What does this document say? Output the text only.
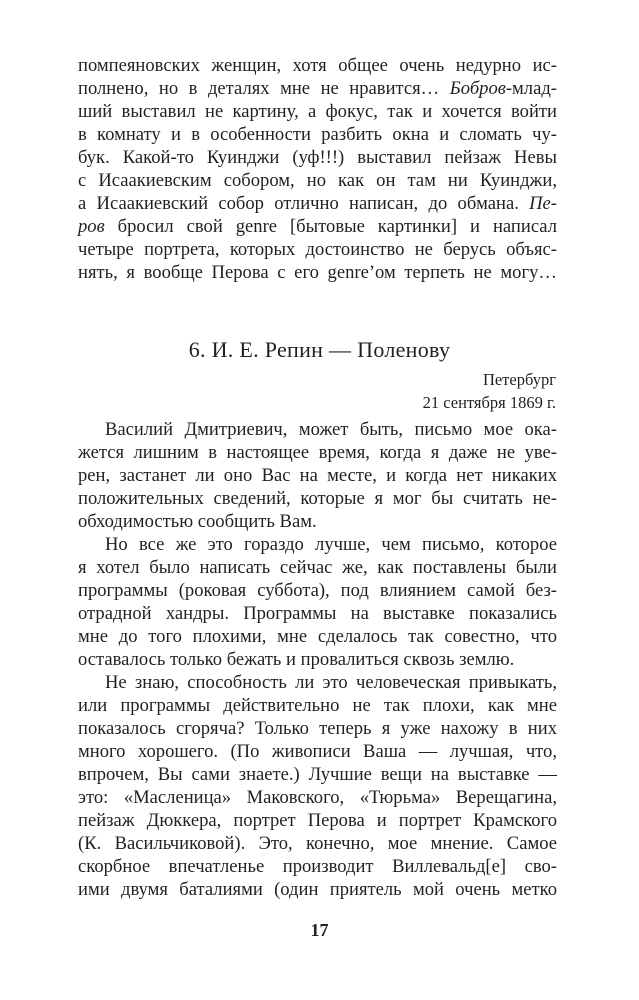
помпеяновских женщин, хотя общее очень недурно ис-
полнено, но в деталях мне не нравится… Бобров-млад-
ший выставил не картину, а фокус, так и хочется войти
в комнату и в особенности разбить окна и сломать чу-
бук. Какой-то Куинджи (уф!!!) выставил пейзаж Невы
с Исаакиевским собором, но как он там ни Куинджи,
а Исаакиевский собор отлично написан, до обмана. Пе-
ров бросил свой genre [бытовые картинки] и написал
четыре портрета, которых достоинство не берусь объяс-
нять, я вообще Перова с его genre’ом терпеть не могу…
6. И. Е. Репин — Поленову
Петербург
21 сентября 1869 г.
Василий Дмитриевич, может быть, письмо мое ока-
жется лишним в настоящее время, когда я даже не уве-
рен, застанет ли оно Вас на месте, и когда нет никаких
положительных сведений, которые я мог бы считать не-
обходимостью сообщить Вам.
Но все же это гораздо лучше, чем письмо, которое
я хотел было написать сейчас же, как поставлены были
программы (роковая суббота), под влиянием самой без-
отрадной хандры. Программы на выставке показались
мне до того плохими, мне сделалось так совестно, что
оставалось только бежать и провалиться сквозь землю.
Не знаю, способность ли это человеческая привыкать,
или программы действительно не так плохи, как мне
показалось сгоряча? Только теперь я уже нахожу в них
много хорошего. (По живописи Ваша — лучшая, что,
впрочем, Вы сами знаете.) Лучшие вещи на выставке —
это: «Масленица» Маковского, «Тюрьма» Верещагина,
пейзаж Дюккера, портрет Перова и портрет Крамского
(К. Васильчиковой). Это, конечно, мое мнение. Самое
скорбное впечатленье производит Виллевальд[е] сво-
ими двумя баталиями (один приятель мой очень метко
17
